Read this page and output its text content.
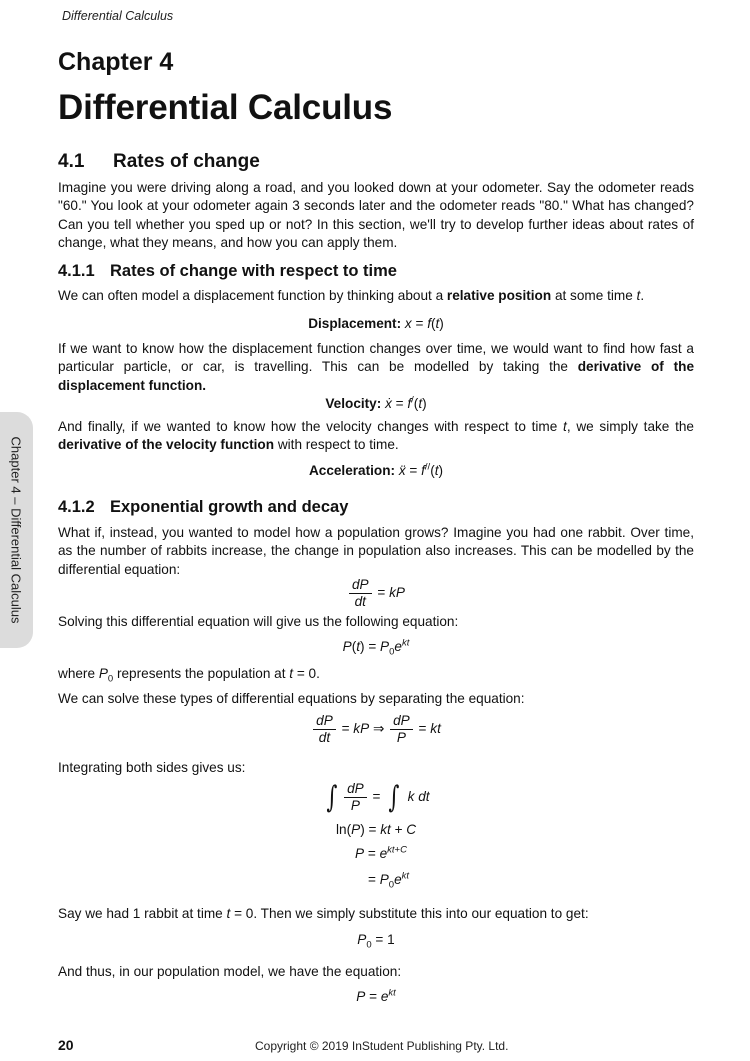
Differential Calculus
Chapter 4 – Differential Calculus
Chapter 4
Differential Calculus
4.1 Rates of change
Imagine you were driving along a road, and you looked down at your odometer. Say the odometer reads "60." You look at your odometer again 3 seconds later and the odometer reads "80." What has changed? Can you tell whether you sped up or not? In this section, we'll try to develop further ideas about rates of change, what they means, and how you can apply them.
4.1.1 Rates of change with respect to time
We can often model a displacement function by thinking about a relative position at some time t.
Displacement: x = f(t)
If we want to know how the displacement function changes over time, we would want to find how fast a particular particle, or car, is travelling. This can be modelled by taking the derivative of the displacement function.
Velocity: ẋ = f/(t)
And finally, if we wanted to know how the velocity changes with respect to time t, we simply take the derivative of the velocity function with respect to time.
Acceleration: ẍ = f//(t)
4.1.2 Exponential growth and decay
What if, instead, you wanted to model how a population grows? Imagine you had one rabbit. Over time, as the number of rabbits increase, the change in population also increases. This can be modelled by the differential equation:
$\frac{dP}{dt}$ = kP
Solving this differential equation will give us the following equation:
$P(t) = P_0e^{kt}$
where $P_0$ represents the population at t = 0.
We can solve these types of differential equations by separating the equation:
$\frac{dP}{dt}$ = kP ⇒ $\frac{dP}{P}$ = kt
Integrating both sides gives us:
∫ $\frac{dP}{P}$ = ∫ k dt
ln(P) = kt + C
$P = e^{kt+C}$
= $P_0e^{kt}$
Say we had 1 rabbit at time t = 0. Then we simply substitute this into our equation to get:
$P_0 = 1$
And thus, in our population model, we have the equation:
$P = e^{kt}$
20	Copyright © 2019 InStudent Publishing Pty. Ltd.
